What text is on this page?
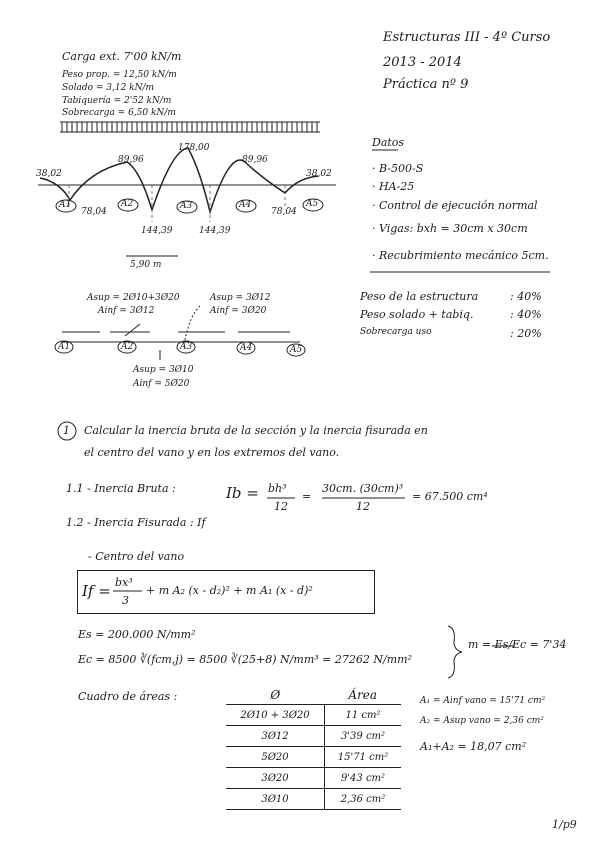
Estructuras III - 4º Curso
2013 - 2014
Práctica nº 9
Carga ext. 7'00 kN/m
Peso prop. = 12,50 kN/m
Solado = 3,12 kN/m
Tabiquería = 2'52 kN/m
Sobrecarga = 6,50 kN/m
38,02
89,96
178,00
89,96
38,02
78,04
144,39	144,39
78,04
A1	A2	A3	A4	A5
5,90 m
Asup = 2Ø10+3Ø20
Ainf = 3Ø12
Asup = 3Ø12
Ainf = 3Ø20
Asup = 3Ø10
Ainf = 5Ø20
A1	A2	A3	A4	A5
Datos
· B-500-S
· HA-25
· Control de ejecución normal
· Vigas: bxh = 30cm x 30cm
· Recubrimiento mecánico 5cm.
Peso de la estructura	: 40%
Peso solado + tabiq.	: 40%
Sobrecarga uso	: 20%
1 Calcular la inercia bruta de la sección y la inercia fisurada en
el centro del vano y en los extremos del vano.
1.1 - Inercia Bruta :	Ib = bh³
12
=
30cm. (30cm)³
12
= 67.500 cm⁴
1.2 - Inercia Fisurada : If
- Centro del vano
If = bx³
3
+ m A₂ (x - d₂)² + m A₁ (x - d)²
Es = 200.000 N/mm²
Ec = 8500 ∛(fcm,j) = 8500 ∛(25+8) N/mm³ = 27262 N/mm²
m = Es/Ec = 7'34
Cuadro de áreas :	Ø	Área
2Ø10 + 3Ø20	11 cm²
3Ø12	3'39 cm²
5Ø20	15'71 cm²
3Ø20	9'43 cm²
3Ø10	2,36 cm²
A₁ = Ainf vano = 15'71 cm²
A₂ = Asup vano = 2,36 cm²
A₁+A₂ = 18,07 cm²
1/p9
